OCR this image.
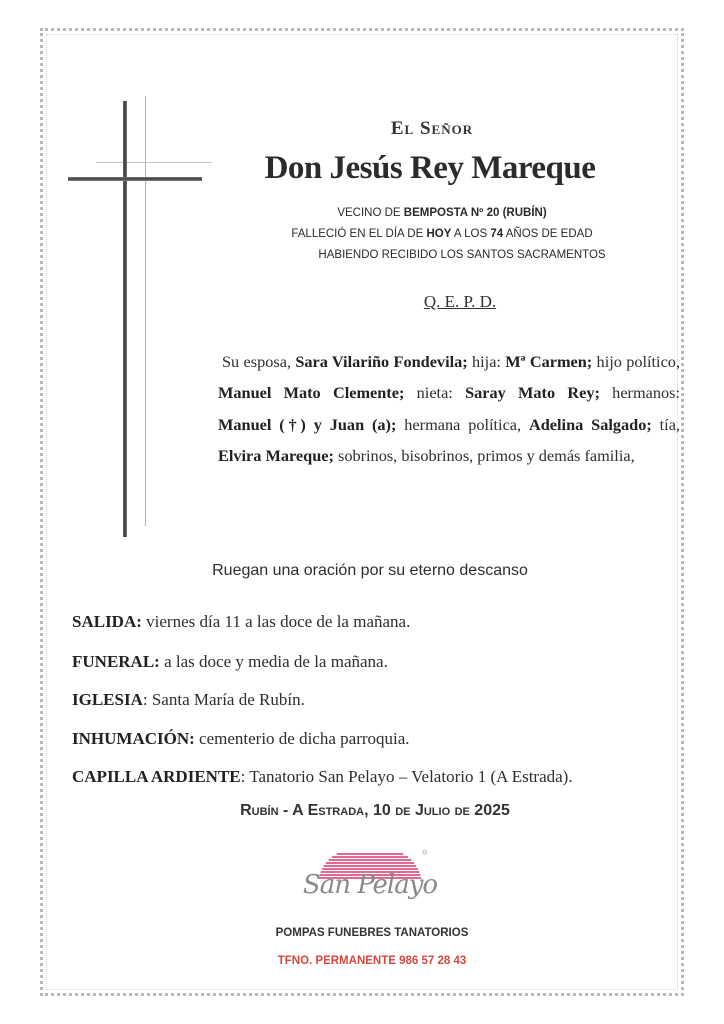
El Señor
Don Jesús Rey Mareque
VECINO DE BEMPOSTA Nº 20 (RUBÍN)
FALLECIÓ EN EL DÍA DE HOY A LOS 74 AÑOS DE EDAD
HABIENDO RECIBIDO LOS SANTOS SACRAMENTOS
Q. E. P. D.
Su esposa, Sara Vilariño Fondevila; hija: Mª Carmen; hijo político, Manuel Mato Clemente; nieta: Saray Mato Rey; hermanos: Manuel (†) y Juan (a); hermana política, Adelina Salgado; tía, Elvira Mareque; sobrinos, bisobrinos, primos y demás familia,
Ruegan una oración por su eterno descanso
SALIDA: viernes día 11 a las doce de la mañana.
FUNERAL: a las doce y media de la mañana.
IGLESIA: Santa María de Rubín.
INHUMACIÓN: cementerio de dicha parroquia.
CAPILLA ARDIENTE: Tanatorio San Pelayo – Velatorio 1 (A Estrada).
Rubín - A Estrada, 10 de Julio de 2025
®
San Pelayo
POMPAS FUNEBRES TANATORIOS
TFNO. PERMANENTE 986 57 28 43
